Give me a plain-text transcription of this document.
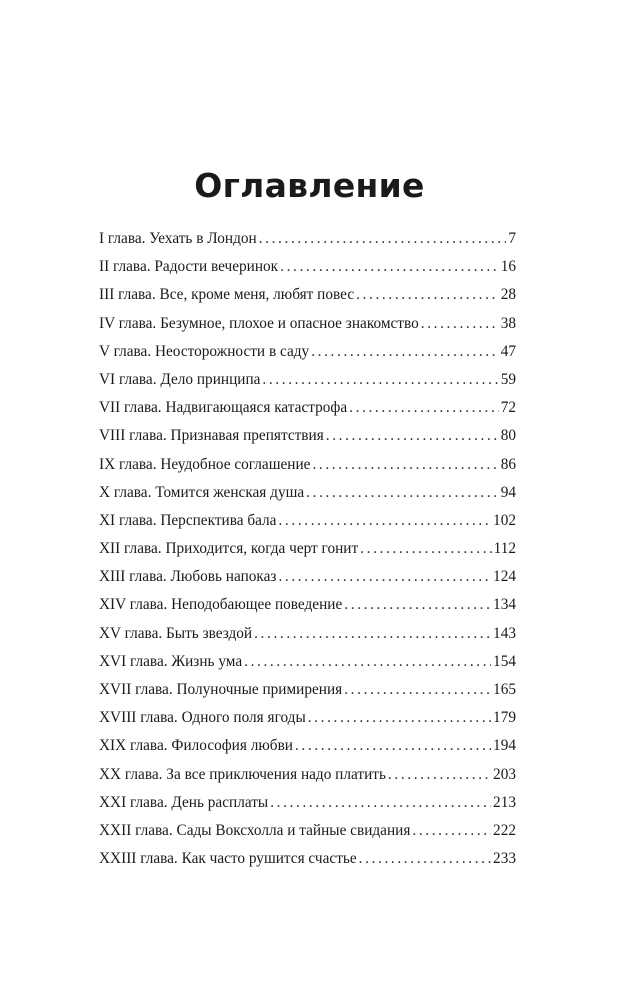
Оглавление
I глава. Уехать в Лондон . . .	7
II глава. Радости вечеринок . . .	16
III глава. Все, кроме меня, любят повес . . .	28
IV глава. Безумное, плохое и опасное знакомство . . .	38
V глава. Неосторожности в саду . . .	47
VI глава. Дело принципа . . .	59
VII глава. Надвигающаяся катастрофа . . .	72
VIII глава. Признавая препятствия . . .	80
IX глава. Неудобное соглашение . . .	86
X глава. Томится женская душа . . .	94
XI глава. Перспектива бала . . .	102
XII глава. Приходится, когда черт гонит . . .	112
XIII глава. Любовь напоказ . . .	124
XIV глава. Неподобающее поведение . . .	134
XV глава. Быть звездой . . .	143
XVI глава. Жизнь ума . . .	154
XVII глава. Полуночные примирения . . .	165
XVIII глава. Одного поля ягоды . . .	179
XIX глава. Философия любви . . .	194
XX глава. За все приключения надо платить . . .	203
XXI глава. День расплаты . . .	213
XXII глава. Сады Воксхолла и тайные свидания . . .	222
XXIII глава. Как часто рушится счастье . . .	233
